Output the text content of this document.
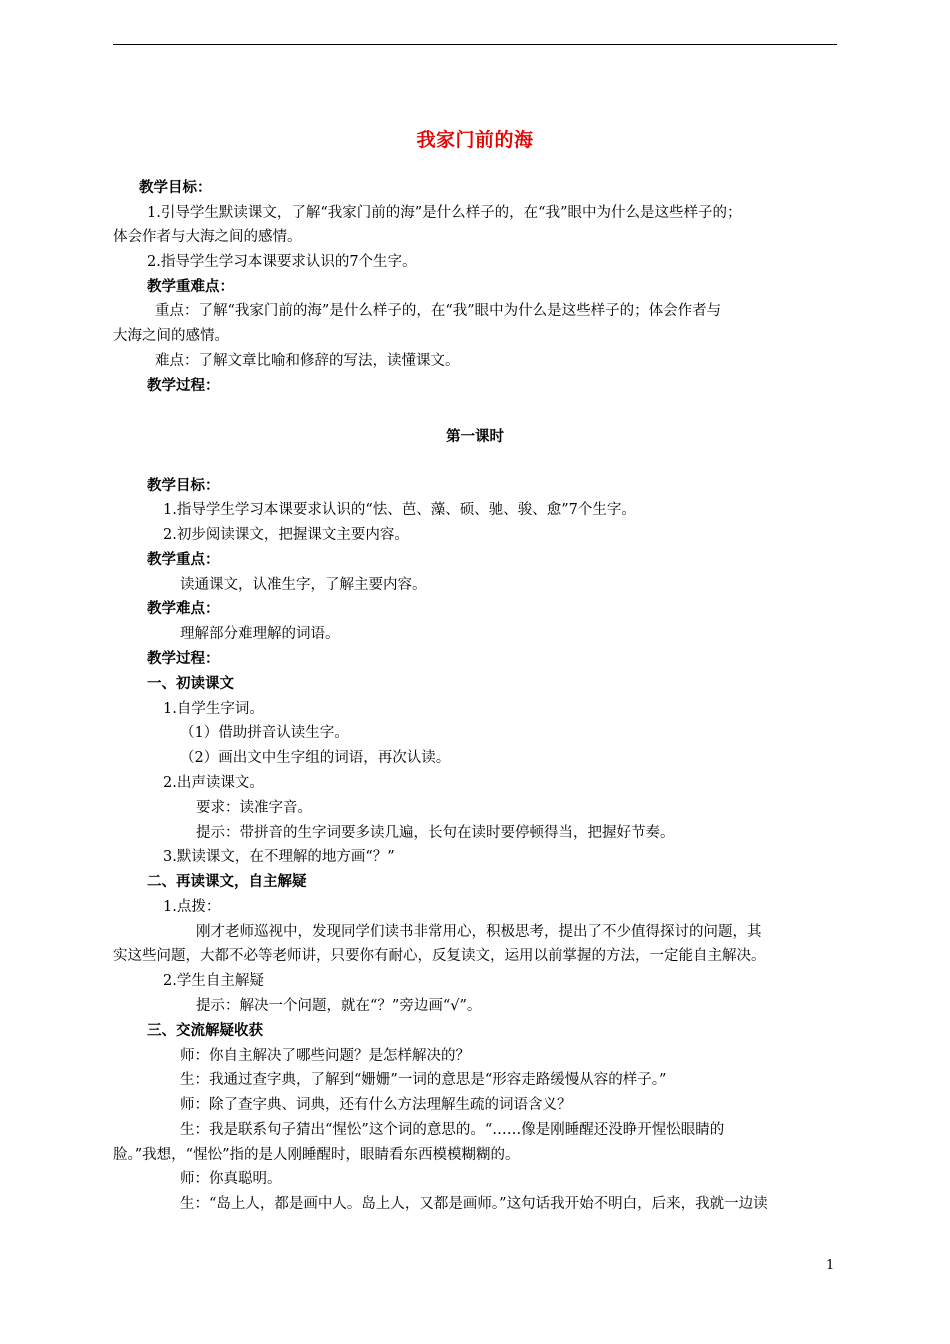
我家门前的海
教学目标：
1.引导学生默读课文，了解“我家门前的海”是什么样子的，在“我”眼中为什么是这些样子的；
体会作者与大海之间的感情。
2.指导学生学习本课要求认识的7个生字。
教学重难点：
重点：了解“我家门前的海”是什么样子的，在“我”眼中为什么是这些样子的；体会作者与
大海之间的感情。
难点：了解文章比喻和修辞的写法，读懂课文。
教学过程：
第一课时
教学目标：
1.指导学生学习本课要求认识的“怯、芭、藻、硕、驰、骏、愈”7个生字。
2.初步阅读课文，把握课文主要内容。
教学重点：
读通课文，认准生字，了解主要内容。
教学难点：
理解部分难理解的词语。
教学过程：
一、初读课文
1.自学生字词。
（1）借助拼音认读生字。
（2）画出文中生字组的词语，再次认读。
2.出声读课文。
要求：读准字音。
提示：带拼音的生字词要多读几遍，长句在读时要停顿得当，把握好节奏。
3.默读课文，在不理解的地方画“？”
二、再读课文，自主解疑
1.点拨：
刚才老师巡视中，发现同学们读书非常用心，积极思考，提出了不少值得探讨的问题，其
实这些问题，大都不必等老师讲，只要你有耐心，反复读文，运用以前掌握的方法，一定能自主解决。
2.学生自主解疑
提示：解决一个问题，就在“？”旁边画“√”。
三、交流解疑收获
师：你自主解决了哪些问题？是怎样解决的？
生：我通过查字典，了解到“姗姗”一词的意思是“形容走路缓慢从容的样子。”
师：除了查字典、词典，还有什么方法理解生疏的词语含义？
生：我是联系句子猜出“惺忪”这个词的意思的。“……像是刚睡醒还没睁开惺忪眼睛的
脸。”我想，“惺忪”指的是人刚睡醒时，眼睛看东西模模糊糊的。
师：你真聪明。
生：“岛上人，都是画中人。岛上人，又都是画师。”这句话我开始不明白，后来，我就一边读
1
